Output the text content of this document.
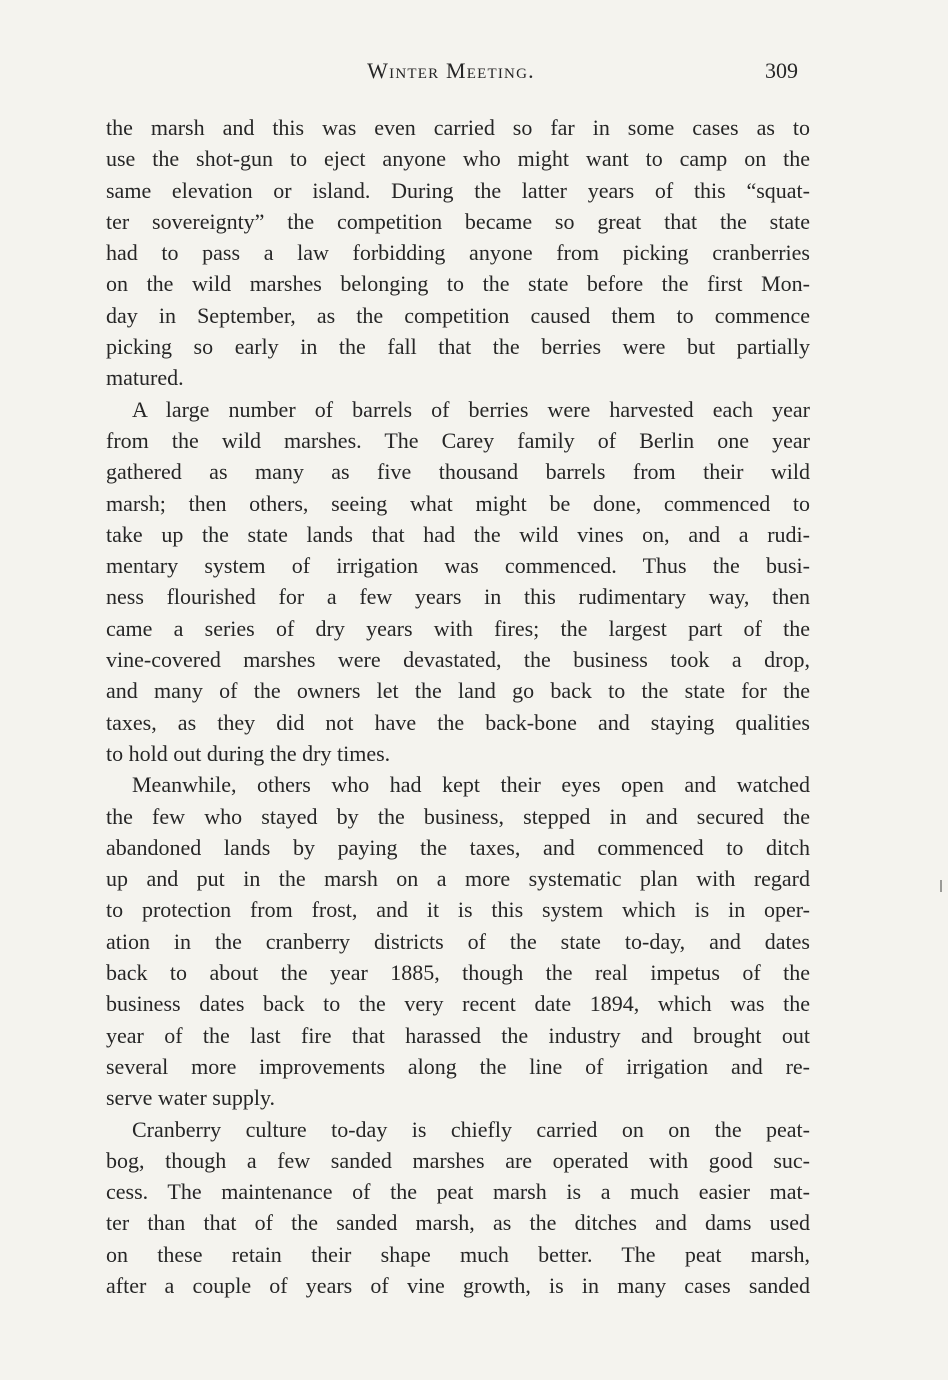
Winter Meeting.	309
the marsh and this was even carried so far in some cases as to
use the shot-gun to eject anyone who might want to camp on the
same elevation or island. During the latter years of this “squat-
ter sovereignty” the competition became so great that the state
had to pass a law forbidding anyone from picking cranberries
on the wild marshes belonging to the state before the first Mon-
day in September, as the competition caused them to commence
picking so early in the fall that the berries were but partially
matured.
A large number of barrels of berries were harvested each year
from the wild marshes. The Carey family of Berlin one year
gathered as many as five thousand barrels from their wild
marsh; then others, seeing what might be done, commenced to
take up the state lands that had the wild vines on, and a rudi-
mentary system of irrigation was commenced. Thus the busi-
ness flourished for a few years in this rudimentary way, then
came a series of dry years with fires; the largest part of the
vine-covered marshes were devastated, the business took a drop,
and many of the owners let the land go back to the state for the
taxes, as they did not have the back-bone and staying qualities
to hold out during the dry times.
Meanwhile, others who had kept their eyes open and watched
the few who stayed by the business, stepped in and secured the
abandoned lands by paying the taxes, and commenced to ditch
up and put in the marsh on a more systematic plan with regard
to protection from frost, and it is this system which is in oper-
ation in the cranberry districts of the state to-day, and dates
back to about the year 1885, though the real impetus of the
business dates back to the very recent date 1894, which was the
year of the last fire that harassed the industry and brought out
several more improvements along the line of irrigation and re-
serve water supply.
Cranberry culture to-day is chiefly carried on on the peat-
bog, though a few sanded marshes are operated with good suc-
cess. The maintenance of the peat marsh is a much easier mat-
ter than that of the sanded marsh, as the ditches and dams used
on these retain their shape much better. The peat marsh,
after a couple of years of vine growth, is in many cases sanded
